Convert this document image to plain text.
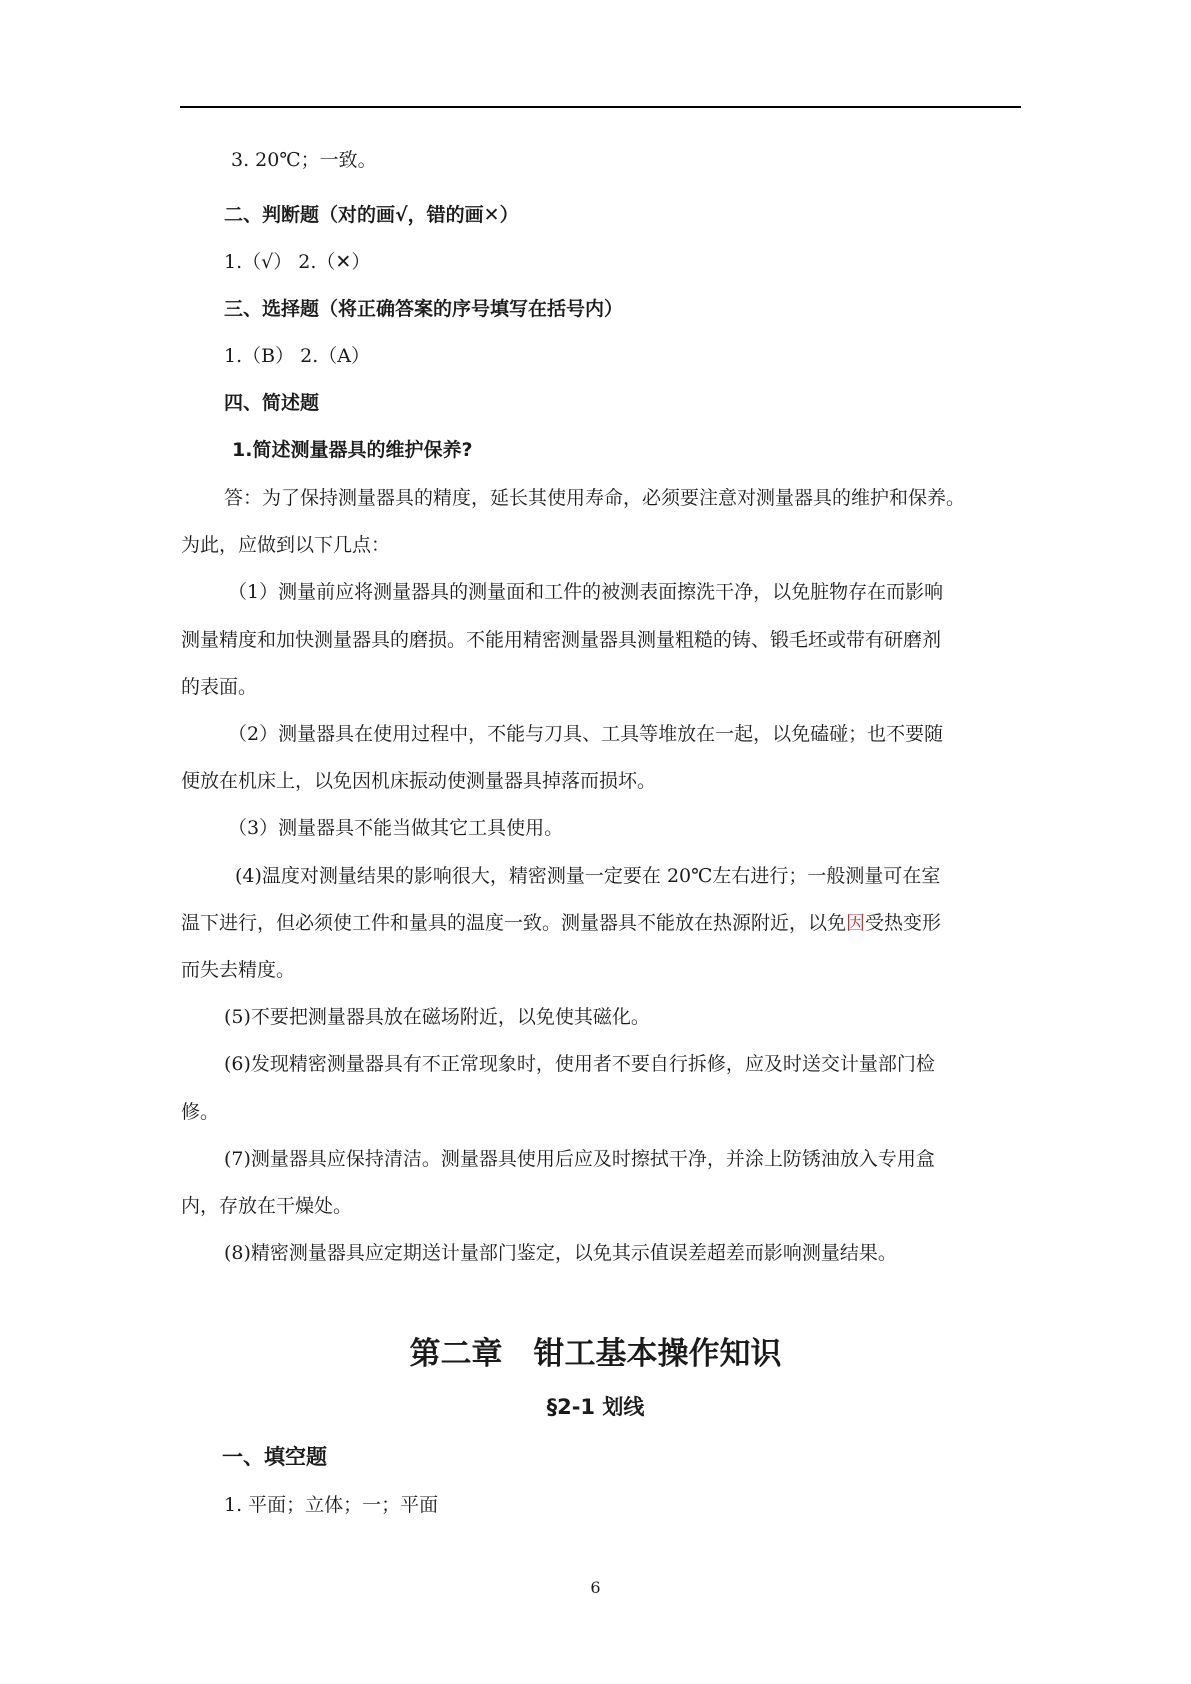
3. 20℃；一致。
二、判断题（对的画√，错的画✕）
1.（√） 2.（✕）
三、选择题（将正确答案的序号填写在括号内）
1.（B） 2.（A）
四、简述题
1.简述测量器具的维护保养?
答：为了保持测量器具的精度，延长其使用寿命，必须要注意对测量器具的维护和保养。
为此，应做到以下几点：
（1）测量前应将测量器具的测量面和工件的被测表面擦洗干净，以免脏物存在而影响
测量精度和加快测量器具的磨损。不能用精密测量器具测量粗糙的铸、锻毛坯或带有研磨剂
的表面。
（2）测量器具在使用过程中，不能与刀具、工具等堆放在一起，以免磕碰；也不要随
便放在机床上，以免因机床振动使测量器具掉落而损坏。
（3）测量器具不能当做其它工具使用。
(4)温度对测量结果的影响很大，精密测量一定要在 20℃左右进行；一般测量可在室
温下进行，但必须使工件和量具的温度一致。测量器具不能放在热源附近，以免因受热变形
而失去精度。
(5)不要把测量器具放在磁场附近，以免使其磁化。
(6)发现精密测量器具有不正常现象时，使用者不要自行拆修，应及时送交计量部门检
修。
(7)测量器具应保持清洁。测量器具使用后应及时擦拭干净，并涂上防锈油放入专用盒
内，存放在干燥处。
(8)精密测量器具应定期送计量部门鉴定，以免其示值误差超差而影响测量结果。
第二章　钳工基本操作知识
§2-1 划线
一、填空题
1. 平面；立体；一；平面
6
